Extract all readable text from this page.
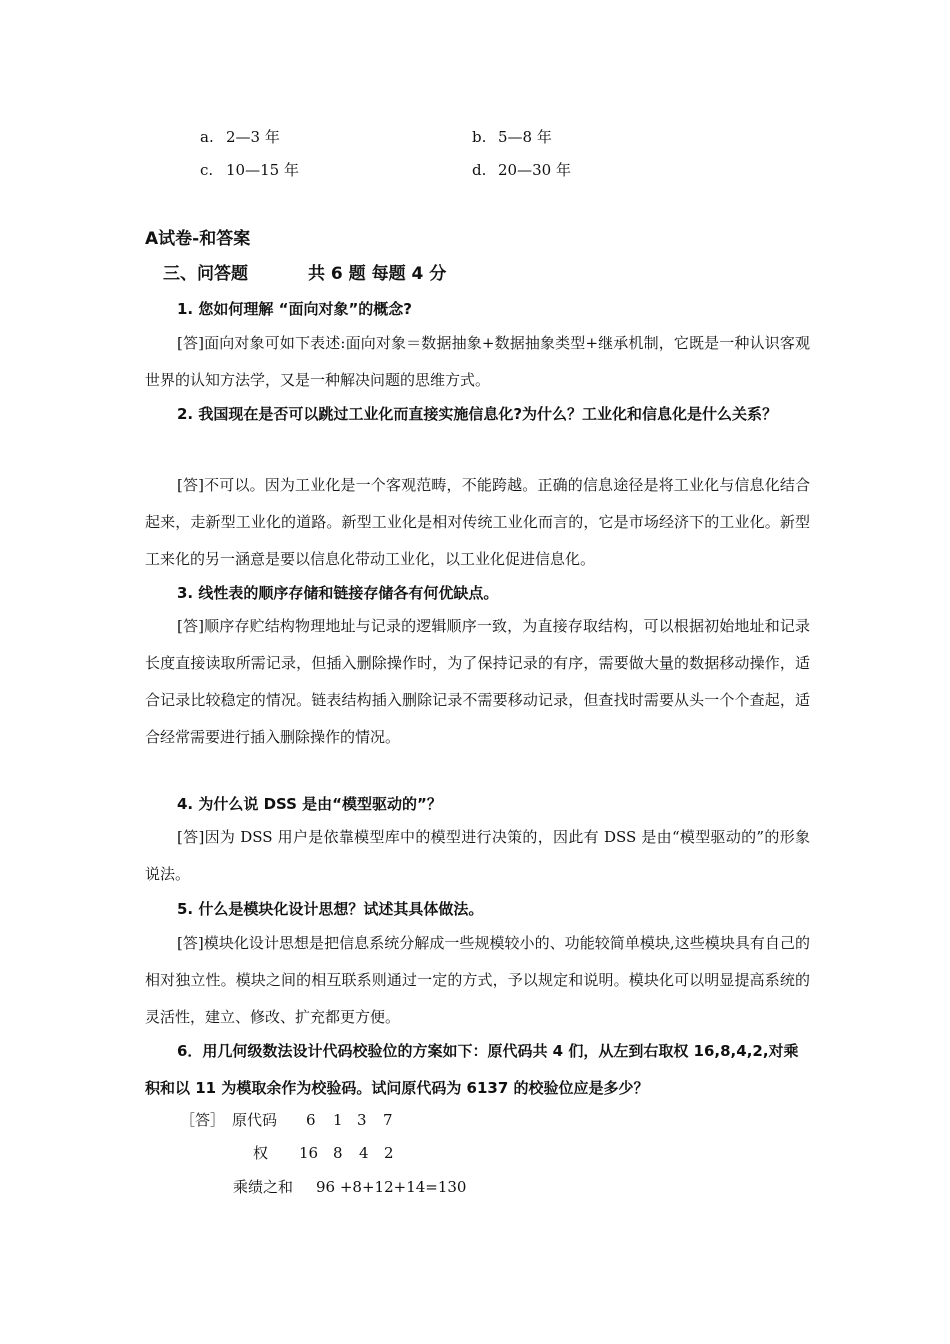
a. 2—3 年	b. 5—8 年
c. 10—15 年	d. 20—30 年
A试卷-和答案
三、问答题	共 6 题 每题 4 分
1. 您如何理解 “面向对象”的概念?
[答]面向对象可如下表述:面向对象＝数据抽象+数据抽象类型+继承机制，它既是一种认识客观世界的认知方法学，又是一种解决问题的思维方式。
2. 我国现在是否可以跳过工业化而直接实施信息化?为什么？工业化和信息化是什么关系？
[答]不可以。因为工业化是一个客观范畴，不能跨越。正确的信息途径是将工业化与信息化结合起来，走新型工业化的道路。新型工业化是相对传统工业化而言的，它是市场经济下的工业化。新型工来化的另一涵意是要以信息化带动工业化，以工业化促进信息化。
3. 线性表的顺序存储和链接存储各有何优缺点。
[答]顺序存贮结构物理地址与记录的逻辑顺序一致，为直接存取结构，可以根据初始地址和记录长度直接读取所需记录，但插入删除操作时，为了保持记录的有序，需要做大量的数据移动操作，适合记录比较稳定的情况。链表结构插入删除记录不需要移动记录，但查找时需要从头一个个查起，适合经常需要进行插入删除操作的情况。
4. 为什么说 DSS 是由“模型驱动的”？
[答]因为 DSS 用户是依靠模型库中的模型进行决策的，因此有 DSS 是由“模型驱动的”的形象说法。
5. 什么是模块化设计思想？试述其具体做法。
[答]模块化设计思想是把信息系统分解成一些规模较小的、功能较简单模块,这些模块具有自己的相对独立性。模块之间的相互联系则通过一定的方式，予以规定和说明。模块化可以明显提高系统的灵活性，建立、修改、扩充都更方便。
6．用几何级数法设计代码校验位的方案如下：原代码共 4 们，从左到右取权 16,8,4,2,对乘积和以 11 为模取余作为校验码。试问原代码为 6137 的校验位应是多少？
［答］ 原代码 6 1 3 7
权 16 8 4 2
乘绩之和 96 +8+12+14=130
